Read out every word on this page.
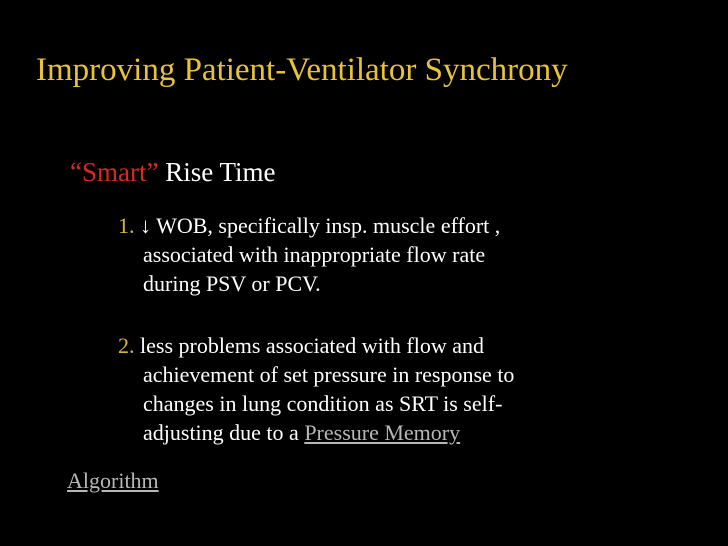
Improving Patient-Ventilator Synchrony
“Smart” Rise Time
1. ↓ WOB, specifically insp. muscle effort ,
associated with inappropriate flow rate
during PSV or PCV.
2. less problems associated with flow and
achievement of set pressure in response to
changes in lung condition as SRT is self-
adjusting due to a Pressure Memory
Algorithm
